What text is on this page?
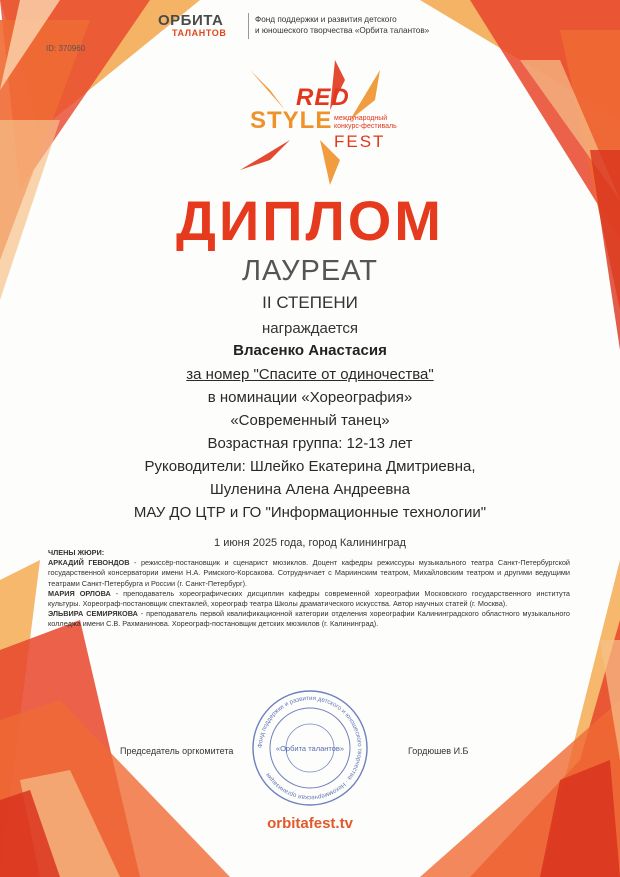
ОРБИТА
ТАЛАНТОВ
Фонд поддержки и развития детского
и юношеского творчества «Орбита талантов»
ID: 370960
RED
STYLE международный
конкурс-фестиваль
FEST
ДИПЛОМ
ЛАУРЕАТ
II СТЕПЕНИ
награждается
Власенко Анастасия
за номер "Спасите от одиночества"
в номинации «Хореография»
«Современный танец»
Возрастная группа: 12-13 лет
Руководители: Шлейко Екатерина Дмитриевна,
Шуленина Алена Андреевна
МАУ ДО ЦТР и ГО "Информационные технологии"
1 июня 2025 года, город Калининград
ЧЛЕНЫ ЖЮРИ:
АРКАДИЙ ГЕВОНДОВ - режиссёр-постановщик и сценарист мюзиклов. Доцент кафедры режиссуры музыкального театра Санкт-Петербургской государственной консерватории имени Н.А. Римского-Корсакова. Сотрудничает с Мариинским театром, Михайловским театром и другими ведущими театрами Санкт-Петербурга и России (г. Санкт-Петербург).
МАРИЯ ОРЛОВА - преподаватель хореографических дисциплин кафедры современной хореографии Московского государственного института культуры. Хореограф-постановщик спектаклей, хореограф театра Школы драматического искусства. Автор научных статей (г. Москва).
ЭЛЬВИРА СЕМИРЯКОВА - преподаватель первой квалификационной категории отделения хореографии Калининградского областного музыкального колледжа имени С.В. Рахманинова. Хореограф-постановщик детских мюзиклов (г. Калининград).
Председатель оргкомитета	Гордюшев И.Б
Фонд поддержки и развития детского и юношеского творчества · Некоммерческая организация
«Орбита талантов»
orbitafest.tv
